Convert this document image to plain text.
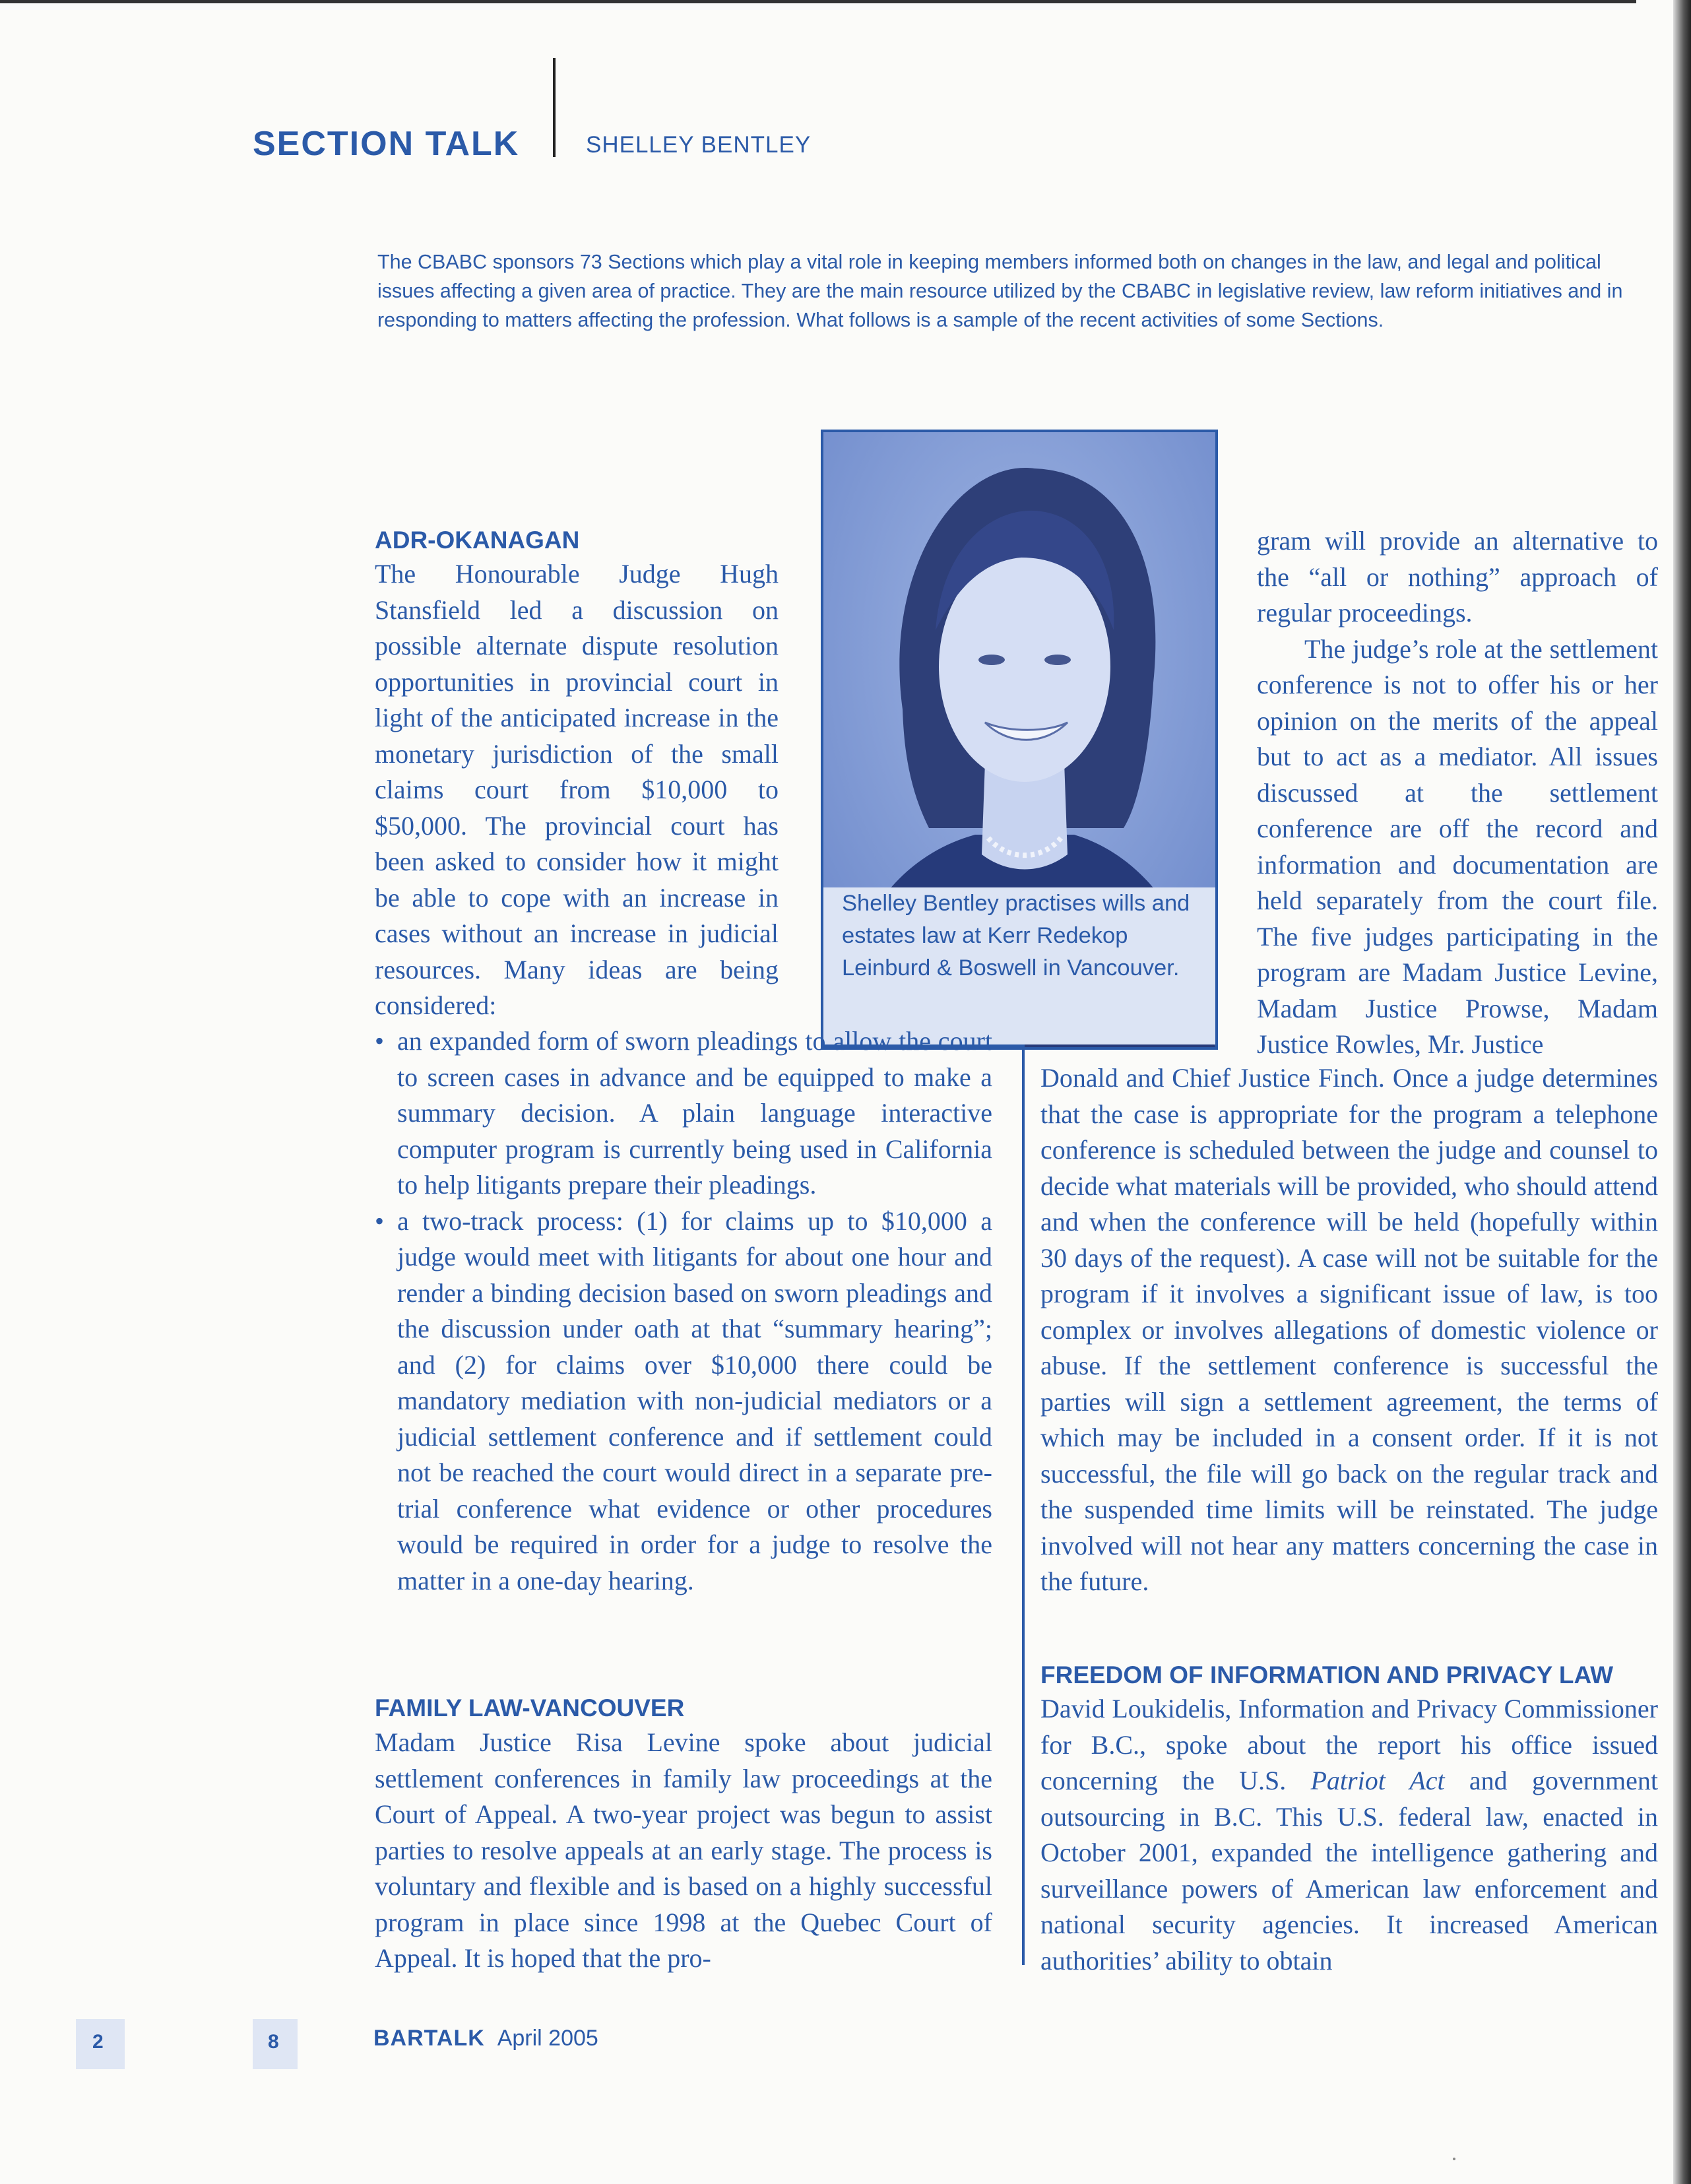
SECTION TALK	SHELLEY BENTLEY
The CBABC sponsors 73 Sections which play a vital role in keeping members informed both on changes in the law, and legal and political issues affecting a given area of practice. They are the main resource utilized by the CBABC in legislative review, law reform initiatives and in responding to matters affecting the profession. What follows is a sample of the recent activities of some Sections.
Shelley Bentley practises wills and estates law at Kerr Redekop Leinburd & Boswell in Vancouver.
ADR-OKANAGAN
The Honourable Judge Hugh Stansfield led a discussion on possible alternate dispute resolution opportunities in provincial court in light of the anticipated increase in the monetary jurisdiction of the small claims court from $10,000 to $50,000. The provincial court has been asked to consider how it might be able to cope with an increase in cases without an increase in judicial resources. Many ideas are being considered:
• an expanded form of sworn pleadings to allow the court to screen cases in advance and be equipped to make a summary decision. A plain language interactive computer program is currently being used in California to help litigants prepare their pleadings.
• a two-track process: (1) for claims up to $10,000 a judge would meet with litigants for about one hour and render a binding decision based on sworn pleadings and the discussion under oath at that “summary hearing”; and (2) for claims over $10,000 there could be mandatory mediation with non-judicial mediators or a judicial settlement conference and if settlement could not be reached the court would direct in a separate pre-trial conference what evidence or other procedures would be required in order for a judge to resolve the matter in a one-day hearing.
FAMILY LAW-VANCOUVER
Madam Justice Risa Levine spoke about judicial settlement conferences in family law proceedings at the Court of Appeal. A two-year project was begun to assist parties to resolve appeals at an early stage. The process is voluntary and flexible and is based on a highly successful program in place since 1998 at the Quebec Court of Appeal. It is hoped that the pro-
gram will provide an alternative to the “all or nothing” approach of regular proceedings.
The judge’s role at the settlement conference is not to offer his or her opinion on the merits of the appeal but to act as a mediator. All issues discussed at the settlement conference are off the record and information and documentation are held separately from the court file. The five judges participating in the program are Madam Justice Levine, Madam Justice Prowse, Madam Justice Rowles, Mr. Justice
Donald and Chief Justice Finch. Once a judge determines that the case is appropriate for the program a telephone conference is scheduled between the judge and counsel to decide what materials will be provided, who should attend and when the conference will be held (hopefully within 30 days of the request). A case will not be suitable for the program if it involves a significant issue of law, is too complex or involves allegations of domestic violence or abuse. If the settlement conference is successful the parties will sign a settlement agreement, the terms of which may be included in a consent order. If it is not successful, the file will go back on the regular track and the suspended time limits will be reinstated. The judge involved will not hear any matters concerning the case in the future.
FREEDOM OF INFORMATION AND PRIVACY LAW
David Loukidelis, Information and Privacy Commissioner for B.C., spoke about the report his office issued concerning the U.S. Patriot Act and government outsourcing in B.C. This U.S. federal law, enacted in October 2001, expanded the intelligence gathering and surveillance powers of American law enforcement and national security agencies. It increased American authorities’ ability to obtain
2	8	BARTALK April 2005
